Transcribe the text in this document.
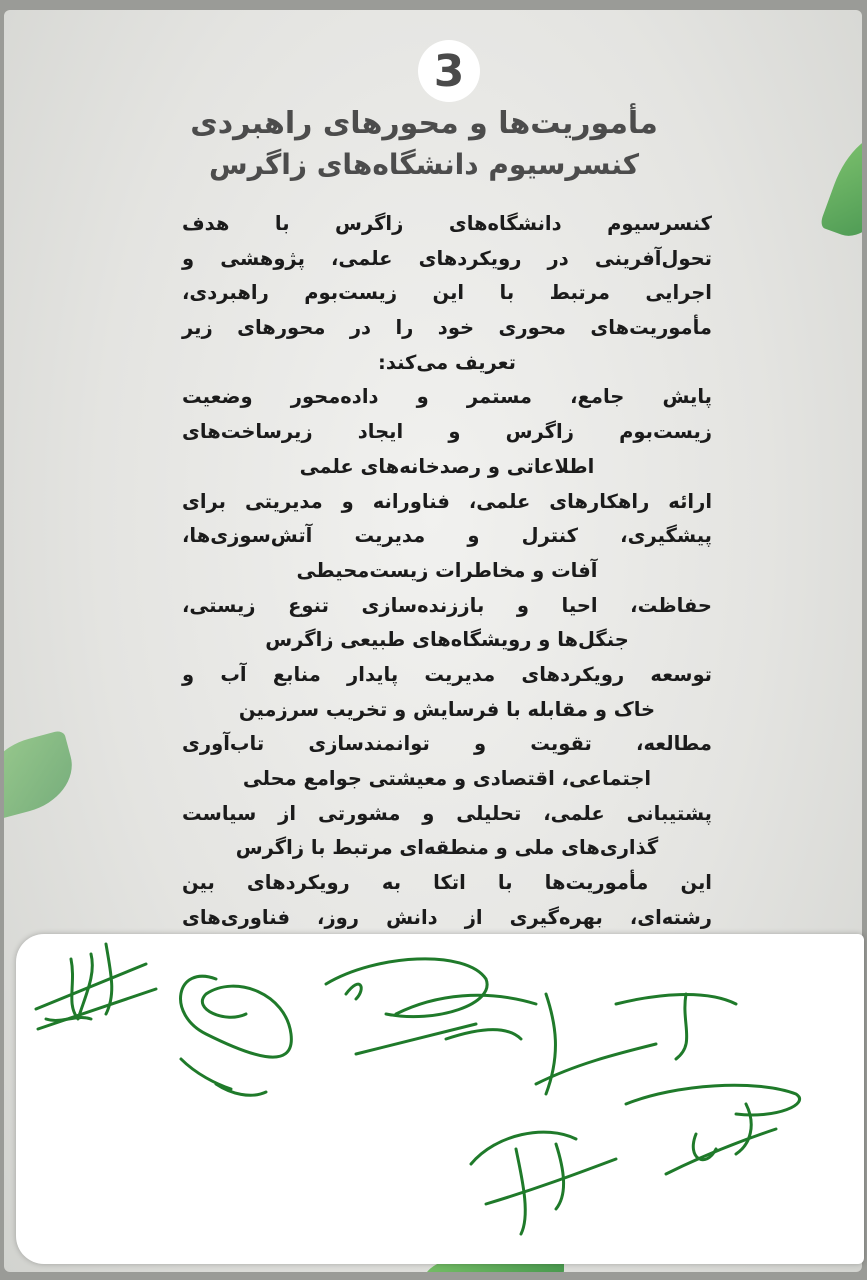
3
مأموریت‌ها و محورهای راهبردی
کنسرسیوم دانشگاه‌های زاگرس
کنسرسیوم دانشگاه‌های زاگرس با هدف
تحول‌آفرینی در رویکردهای علمی، پژوهشی و
اجرایی مرتبط با این زیست‌بوم راهبردی،
مأموریت‌های محوری خود را در محورهای زیر
تعریف می‌کند:
پایش جامع، مستمر و داده‌محور وضعیت
زیست‌بوم زاگرس و ایجاد زیرساخت‌های
اطلاعاتی و رصدخانه‌های علمی
ارائه راهکارهای علمی، فناورانه و مدیریتی برای
پیشگیری، کنترل و مدیریت آتش‌سوزی‌ها،
آفات و مخاطرات زیست‌محیطی
حفاظت، احیا و باززنده‌سازی تنوع زیستی،
جنگل‌ها و رویشگاه‌های طبیعی زاگرس
توسعه رویکردهای مدیریت پایدار منابع آب و
خاک و مقابله با فرسایش و تخریب سرزمین
مطالعه، تقویت و توانمندسازی تاب‌آوری
اجتماعی، اقتصادی و معیشتی جوامع محلی
پشتیبانی علمی، تحلیلی و مشورتی از سیاست
گذاری‌های ملی و منطقه‌ای مرتبط با زاگرس
این مأموریت‌ها با اتکا به رویکردهای بین
رشته‌ای، بهره‌گیری از دانش روز، فناوری‌های
